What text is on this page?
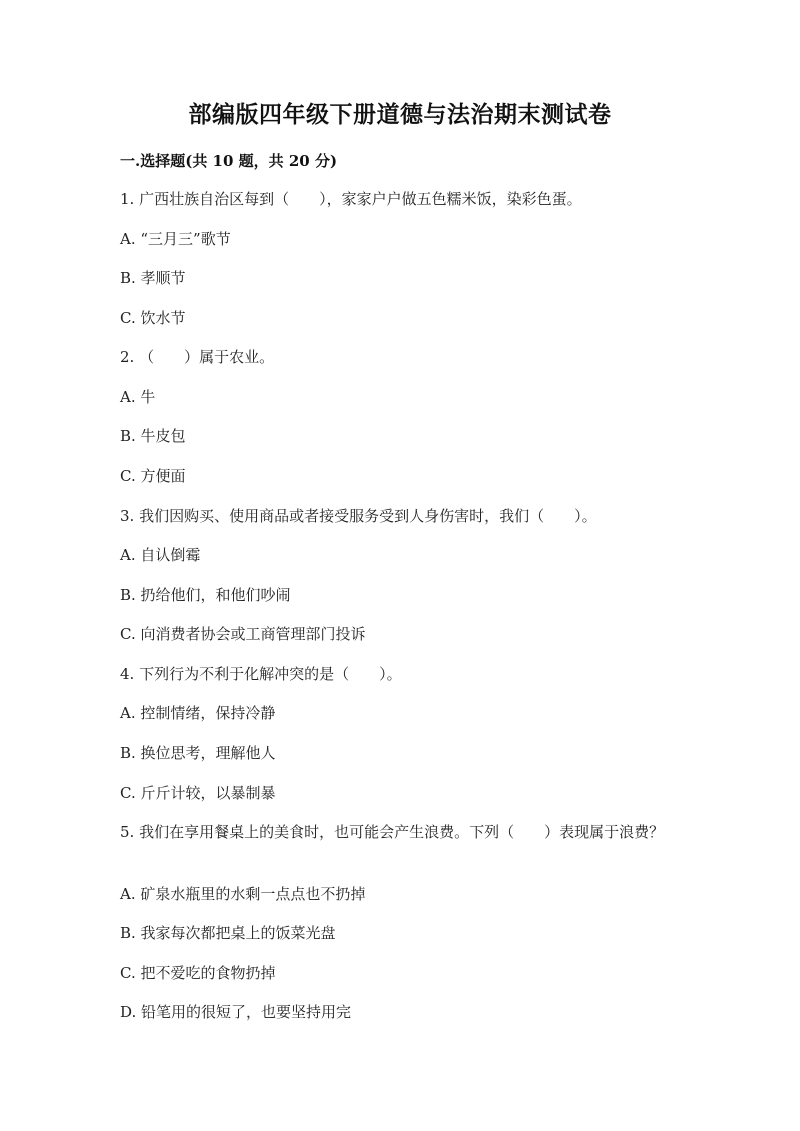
部编版四年级下册道德与法治期末测试卷
一.选择题(共 10 题，共 20 分)
1. 广西壮族自治区每到（　　），家家户户做五色糯米饭，染彩色蛋。
A. “三月三”歌节
B. 孝顺节
C. 饮水节
2. （　　）属于农业。
A. 牛
B. 牛皮包
C. 方便面
3. 我们因购买、使用商品或者接受服务受到人身伤害时，我们（　　）。
A. 自认倒霉
B. 扔给他们，和他们吵闹
C. 向消费者协会或工商管理部门投诉
4. 下列行为不利于化解冲突的是（　　）。
A. 控制情绪，保持冷静
B. 换位思考，理解他人
C. 斤斤计较，以暴制暴
5. 我们在享用餐桌上的美食时，也可能会产生浪费。下列（　　）表现属于浪费？
A. 矿泉水瓶里的水剩一点点也不扔掉
B. 我家每次都把桌上的饭菜光盘
C. 把不爱吃的食物扔掉
D. 铅笔用的很短了，也要坚持用完
